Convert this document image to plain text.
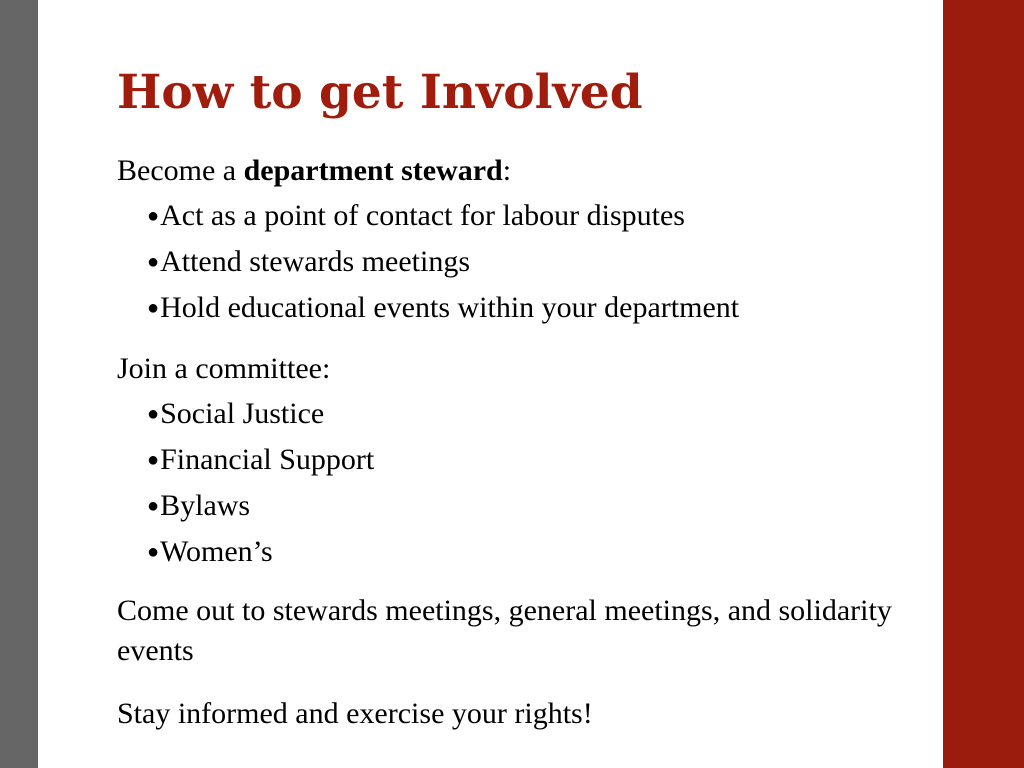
How to get Involved
Become a department steward:
●Act as a point of contact for labour disputes
●Attend stewards meetings
●Hold educational events within your department
Join a committee:
●Social Justice
●Financial Support
●Bylaws
●Women’s

Come out to stewards meetings, general meetings, and solidarity events

Stay informed and exercise your rights!
